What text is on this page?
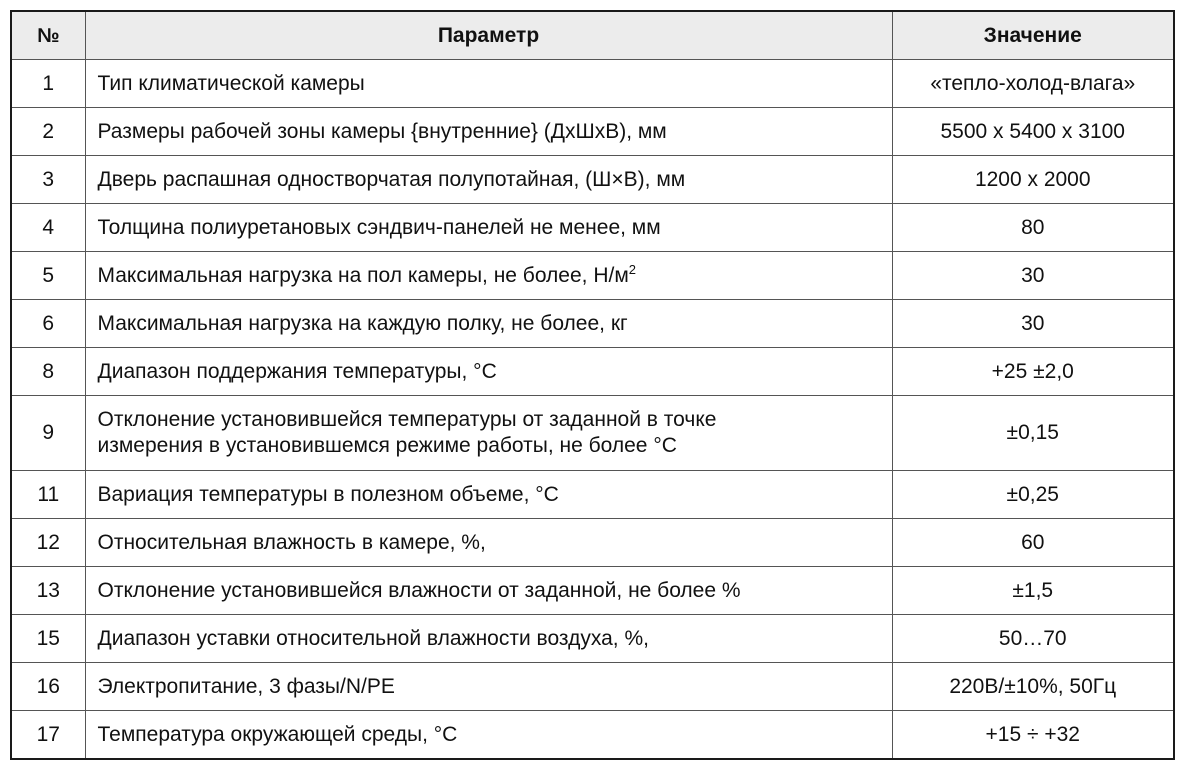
№	Параметр	Значение
1	Тип климатической камеры	«тепло-холод-влага»
2	Размеры рабочей зоны камеры {внутренние} (ДхШхВ), мм	5500 х 5400 х 3100
3	Дверь распашная одностворчатая полупотайная, (Ш×В), мм	1200 х 2000
4	Толщина полиуретановых сэндвич-панелей не менее, мм	80
5	Максимальная нагрузка на пол камеры, не более, $Н/м^2$	30
6	Максимальная нагрузка на каждую полку, не более, кг	30
8	Диапазон поддержания температуры, °С	+25 ±2,0
9	Отклонение установившейся температуры от заданной в точке
измерения в установившемся режиме работы, не более °С	±0,15
11	Вариация температуры в полезном объеме, °С	±0,25
12	Относительная влажность в камере, %,	60
13	Отклонение установившейся влажности от заданной, не более %	±1,5
15	Диапазон уставки относительной влажности воздуха, %,	50…70
16	Электропитание, 3 фазы/N/PE	220В/±10%, 50Гц
17	Температура окружающей среды, °С	+15 ÷ +32
